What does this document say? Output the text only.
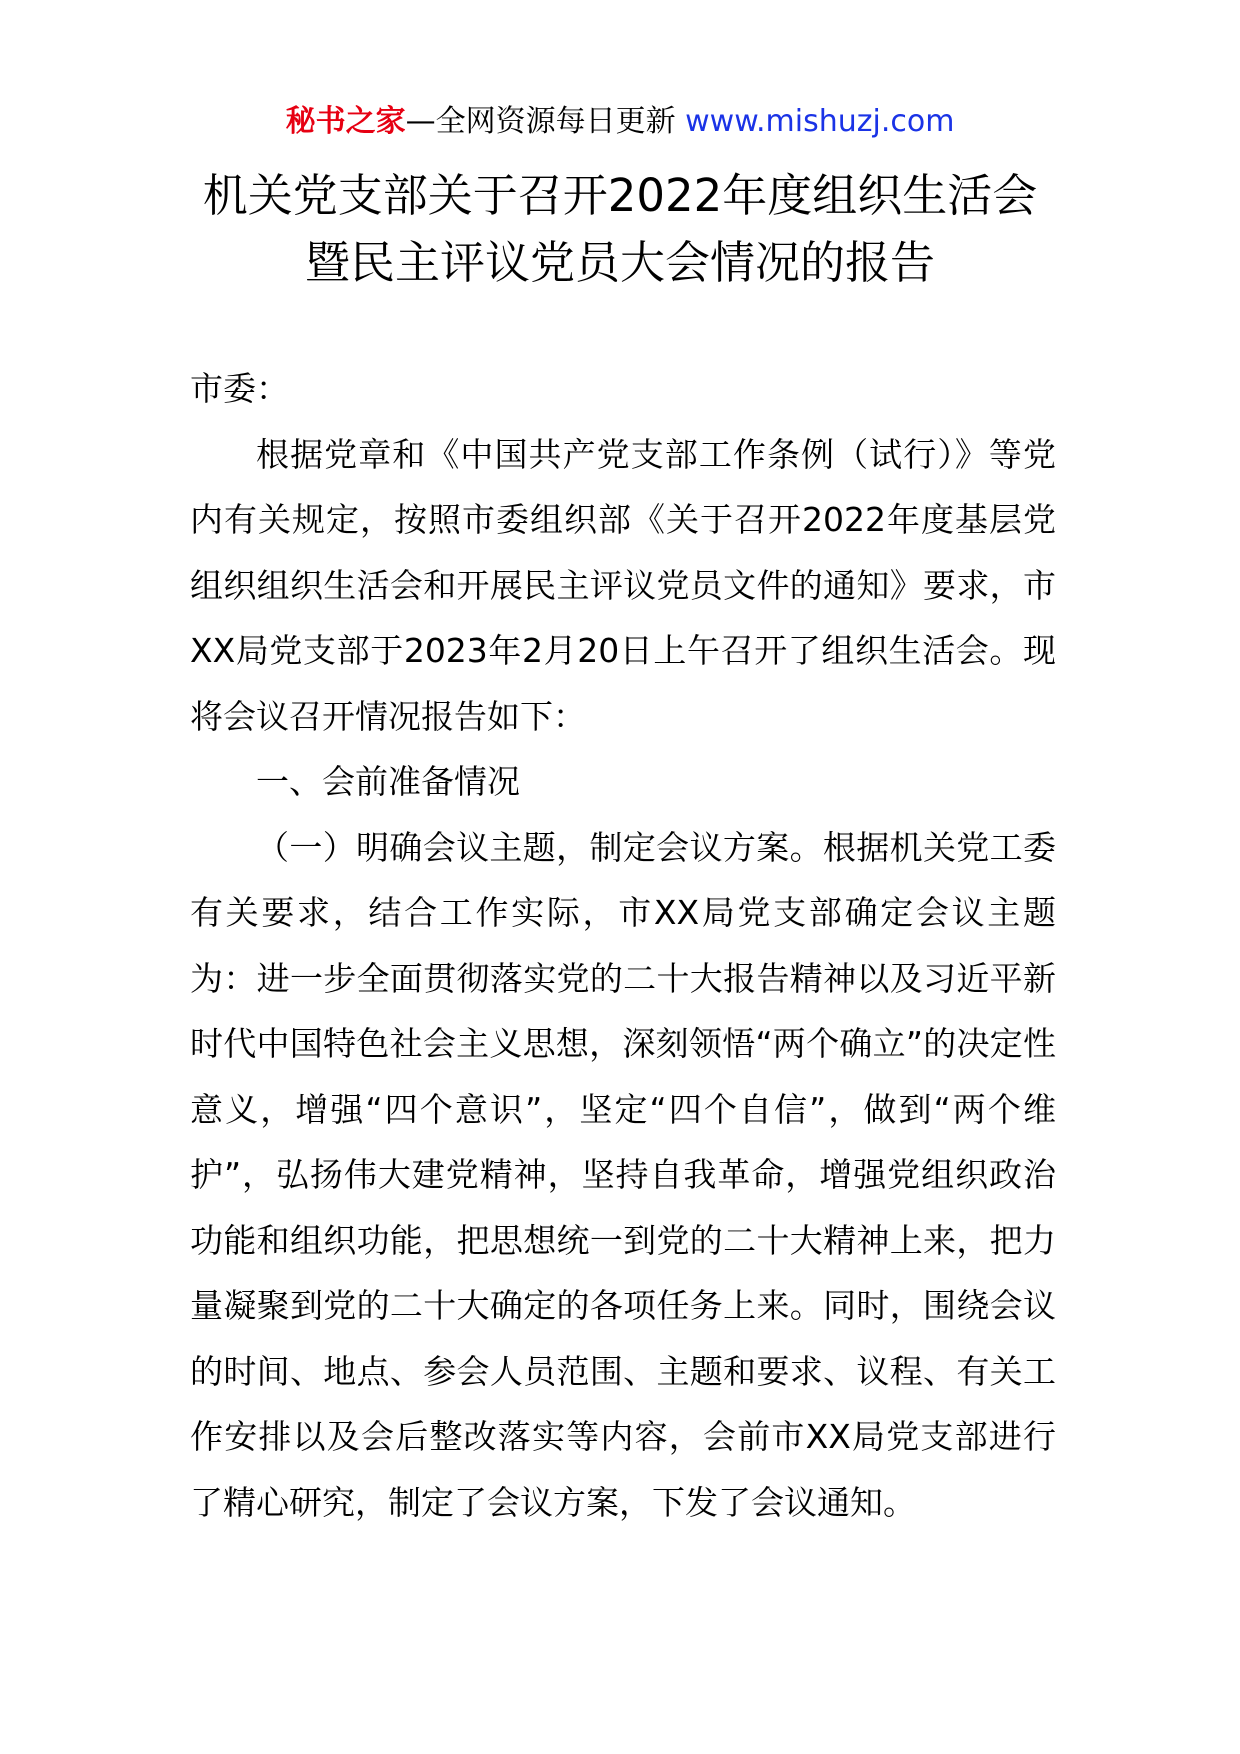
秘书之家—全网资源每日更新 www.mishuzj.com
机关党支部关于召开2022年度组织生活会
暨民主评议党员大会情况的报告

市委：

根据党章和《中国共产党支部工作条例（试行）》等党内有关规定，按照市委组织部《关于召开2022年度基层党组织组织生活会和开展民主评议党员文件的通知》要求，市XX局党支部于2023年2月20日上午召开了组织生活会。现将会议召开情况报告如下：

一、会前准备情况

（一）明确会议主题，制定会议方案。根据机关党工委有关要求，结合工作实际，市XX局党支部确定会议主题为：进一步全面贯彻落实党的二十大报告精神以及习近平新时代中国特色社会主义思想，深刻领悟“两个确立”的决定性意义，增强“四个意识”，坚定“四个自信”，做到“两个维护”，弘扬伟大建党精神，坚持自我革命，增强党组织政治功能和组织功能，把思想统一到党的二十大精神上来，把力量凝聚到党的二十大确定的各项任务上来。同时，围绕会议的时间、地点、参会人员范围、主题和要求、议程、有关工作安排以及会后整改落实等内容，会前市XX局党支部进行了精心研究，制定了会议方案，下发了会议通知。
